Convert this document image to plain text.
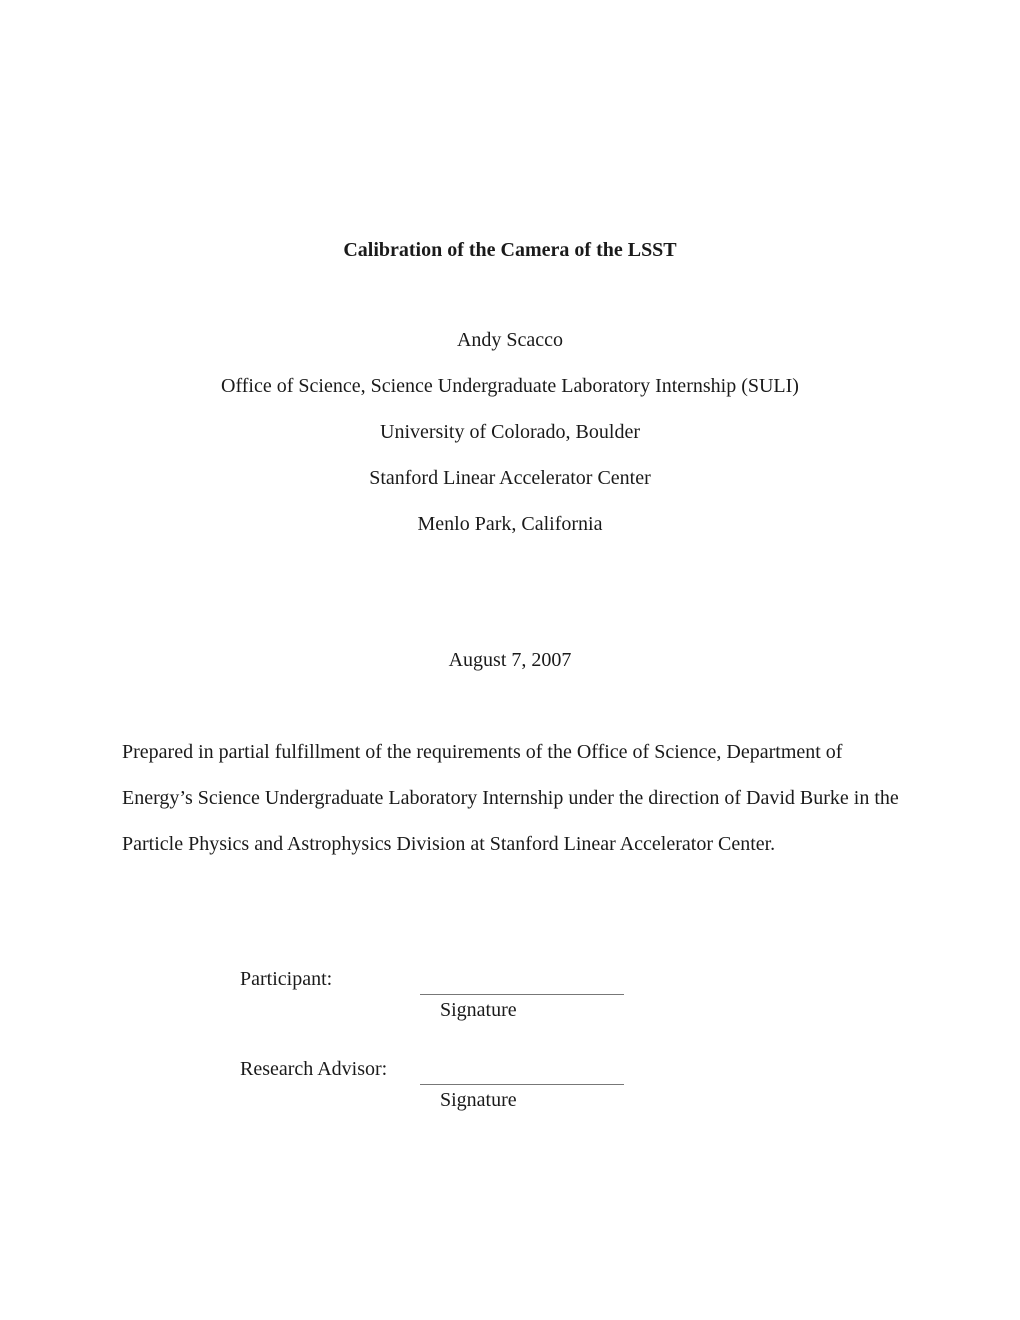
Calibration of the Camera of the LSST
Andy Scacco
Office of Science, Science Undergraduate Laboratory Internship (SULI)
University of Colorado, Boulder
Stanford Linear Accelerator Center
Menlo Park, California
August 7, 2007
Prepared in partial fulfillment of the requirements of the Office of Science, Department of
Energy’s Science Undergraduate Laboratory Internship under the direction of David Burke in the
Particle Physics and Astrophysics Division at Stanford Linear Accelerator Center.
Participant:
Signature
Research Advisor:
Signature
